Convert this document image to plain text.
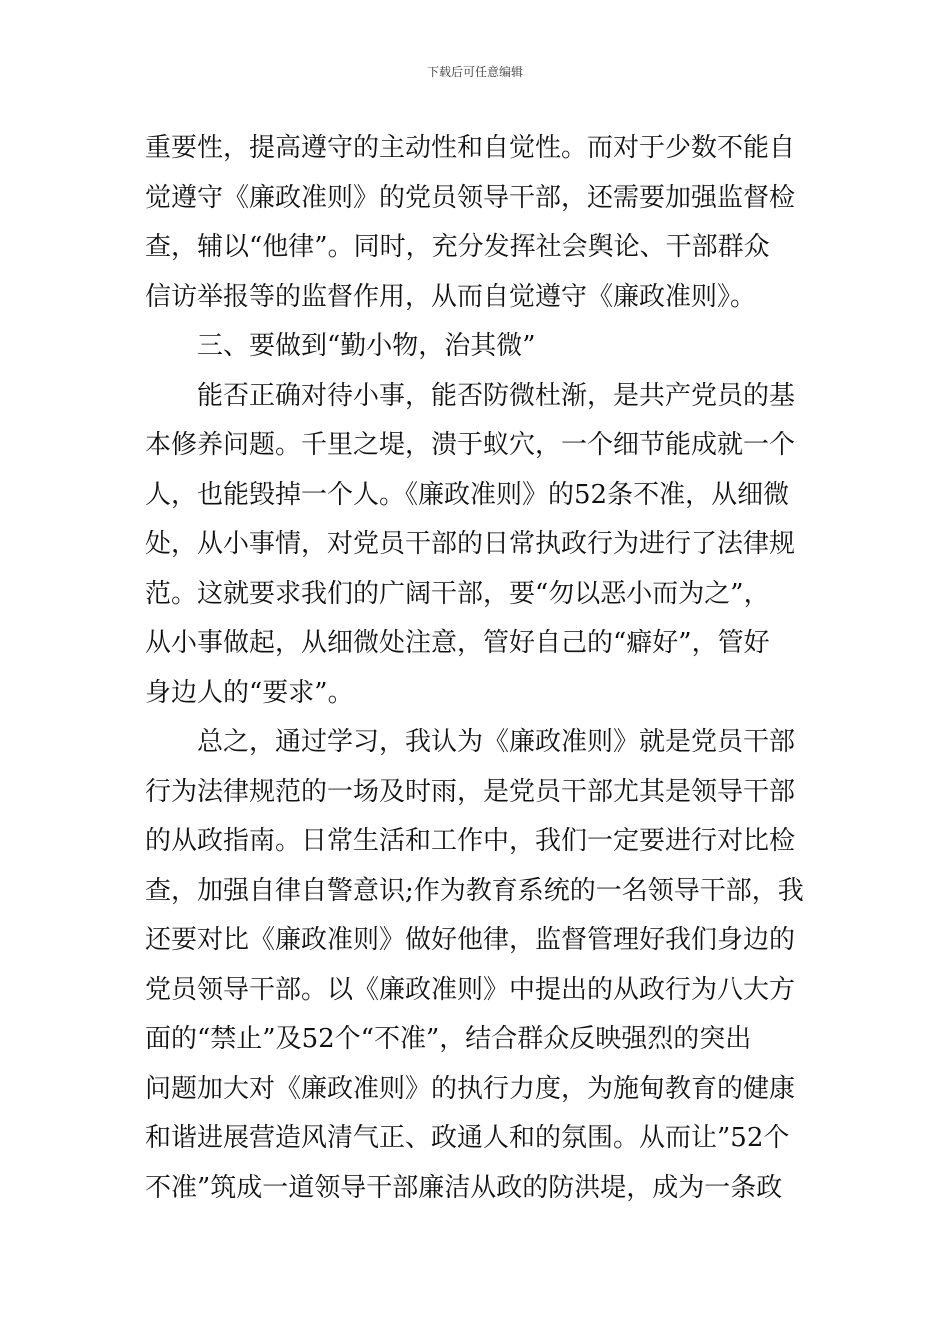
下载后可任意编辑
重要性，提高遵守的主动性和自觉性。而对于少数不能自
觉遵守《廉政准则》的党员领导干部，还需要加强监督检
查，辅以“他律”。同时，充分发挥社会舆论、干部群众
信访举报等的监督作用，从而自觉遵守《廉政准则》。
三、要做到“勤小物，治其微”
能否正确对待小事，能否防微杜渐，是共产党员的基
本修养问题。千里之堤，溃于蚁穴，一个细节能成就一个
人，也能毁掉一个人。《廉政准则》的52条不准，从细微
处，从小事情，对党员干部的日常执政行为进行了法律规
范。这就要求我们的广阔干部，要“勿以恶小而为之”，
从小事做起，从细微处注意，管好自己的“癖好”，管好
身边人的“要求”。
总之，通过学习，我认为《廉政准则》就是党员干部
行为法律规范的一场及时雨，是党员干部尤其是领导干部
的从政指南。日常生活和工作中，我们一定要进行对比检
查，加强自律自警意识;作为教育系统的一名领导干部，我
还要对比《廉政准则》做好他律，监督管理好我们身边的
党员领导干部。以《廉政准则》中提出的从政行为八大方
面的“禁止”及52个“不准”，结合群众反映强烈的突出
问题加大对《廉政准则》的执行力度，为施甸教育的健康
和谐进展营造风清气正、政通人和的氛围。从而让”52个
不准”筑成一道领导干部廉洁从政的防洪堤，成为一条政
